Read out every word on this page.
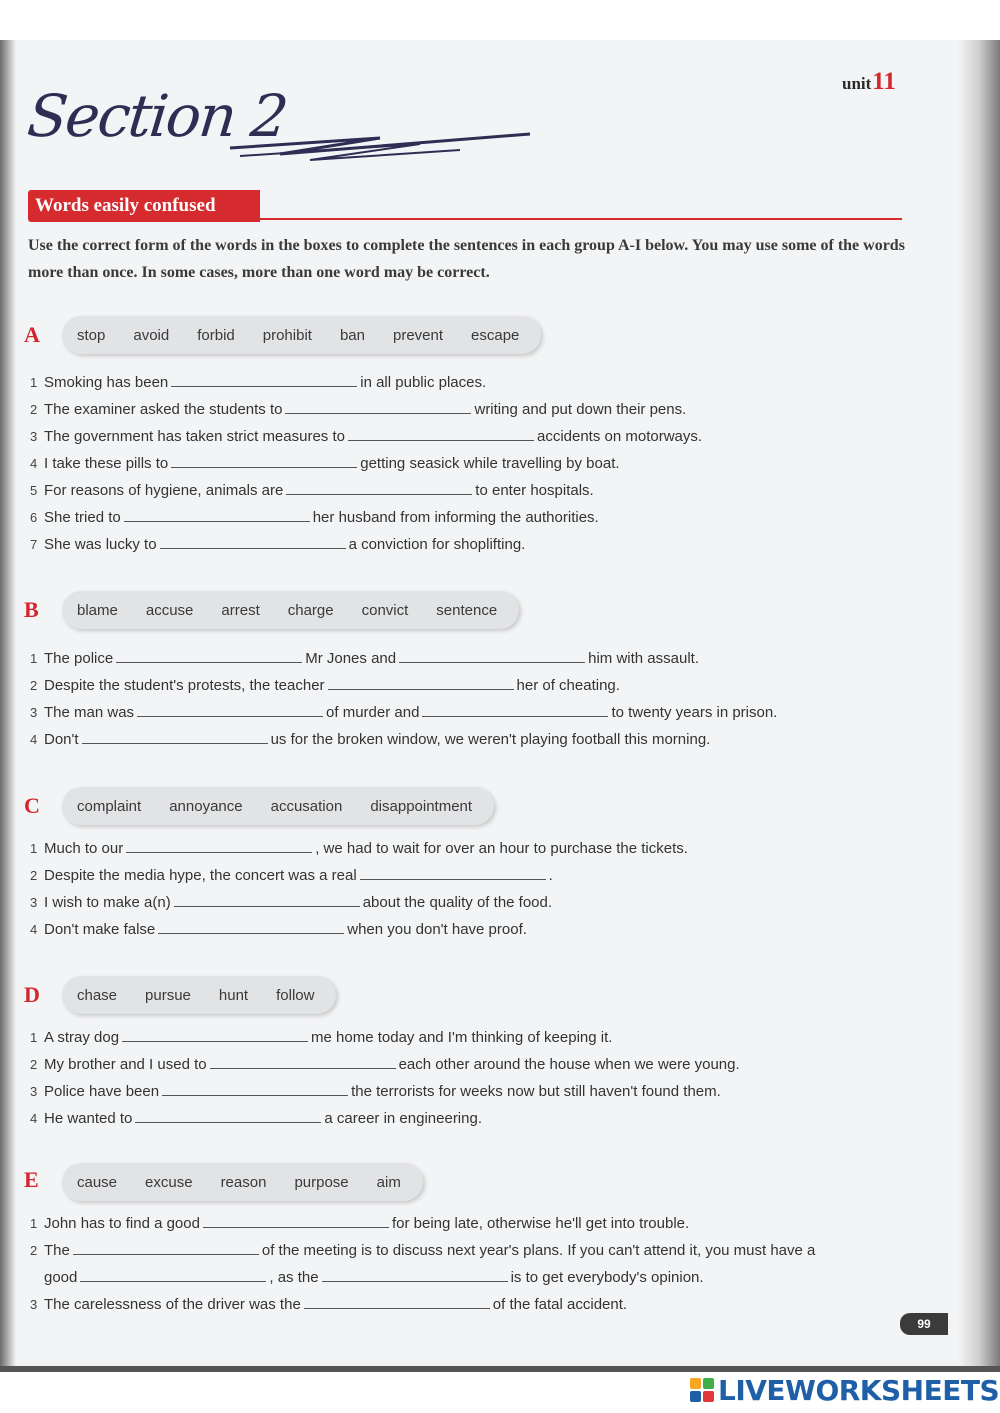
unit11
Section 2
Words easily confused
Use the correct form of the words in the boxes to complete the sentences in each group A-I below. You may use some of the words more than once. In some cases, more than one word may be correct.
A stop avoid forbid prohibit ban prevent escape
1 Smoking has been	in all public places.
2 The examiner asked the students to	writing and put down their pens.
3 The government has taken strict measures to	accidents on motorways.
4 I take these pills to	getting seasick while travelling by boat.
5 For reasons of hygiene, animals are	to enter hospitals.
6 She tried to	her husband from informing the authorities.
7 She was lucky to	a conviction for shoplifting.
B	blame accuse arrest charge convict sentence
1 The police	Mr Jones and	him with assault.
2 Despite the student's protests, the teacher	her of cheating.
3 The man was	of murder and	to twenty years in prison.
4 Don't	us for the broken window, we weren't playing football this morning.
C complaint annoyance accusation disappointment
1 Much to our	, we had to wait for over an hour to purchase the tickets.
2 Despite the media hype, the concert was a real	.
3 I wish to make a(n)	about the quality of the food.
4 Don't make false	when you don't have proof.
D chase pursue hunt follow
1 A stray dog	me home today and I'm thinking of keeping it.
2 My brother and I used to	each other around the house when we were young.
3 Police have been	the terrorists for weeks now but still haven't found them.
4 He wanted to	a career in engineering.
E	cause excuse reason purpose aim
1 John has to find a good	for being late, otherwise he'll get into trouble.
2 The	of the meeting is to discuss next year's plans. If you can't attend it, you must have a
good	, as the	is to get everybody's opinion.
3 The carelessness of the driver was the	of the fatal accident.
99
LIVEWORKSHEETS
